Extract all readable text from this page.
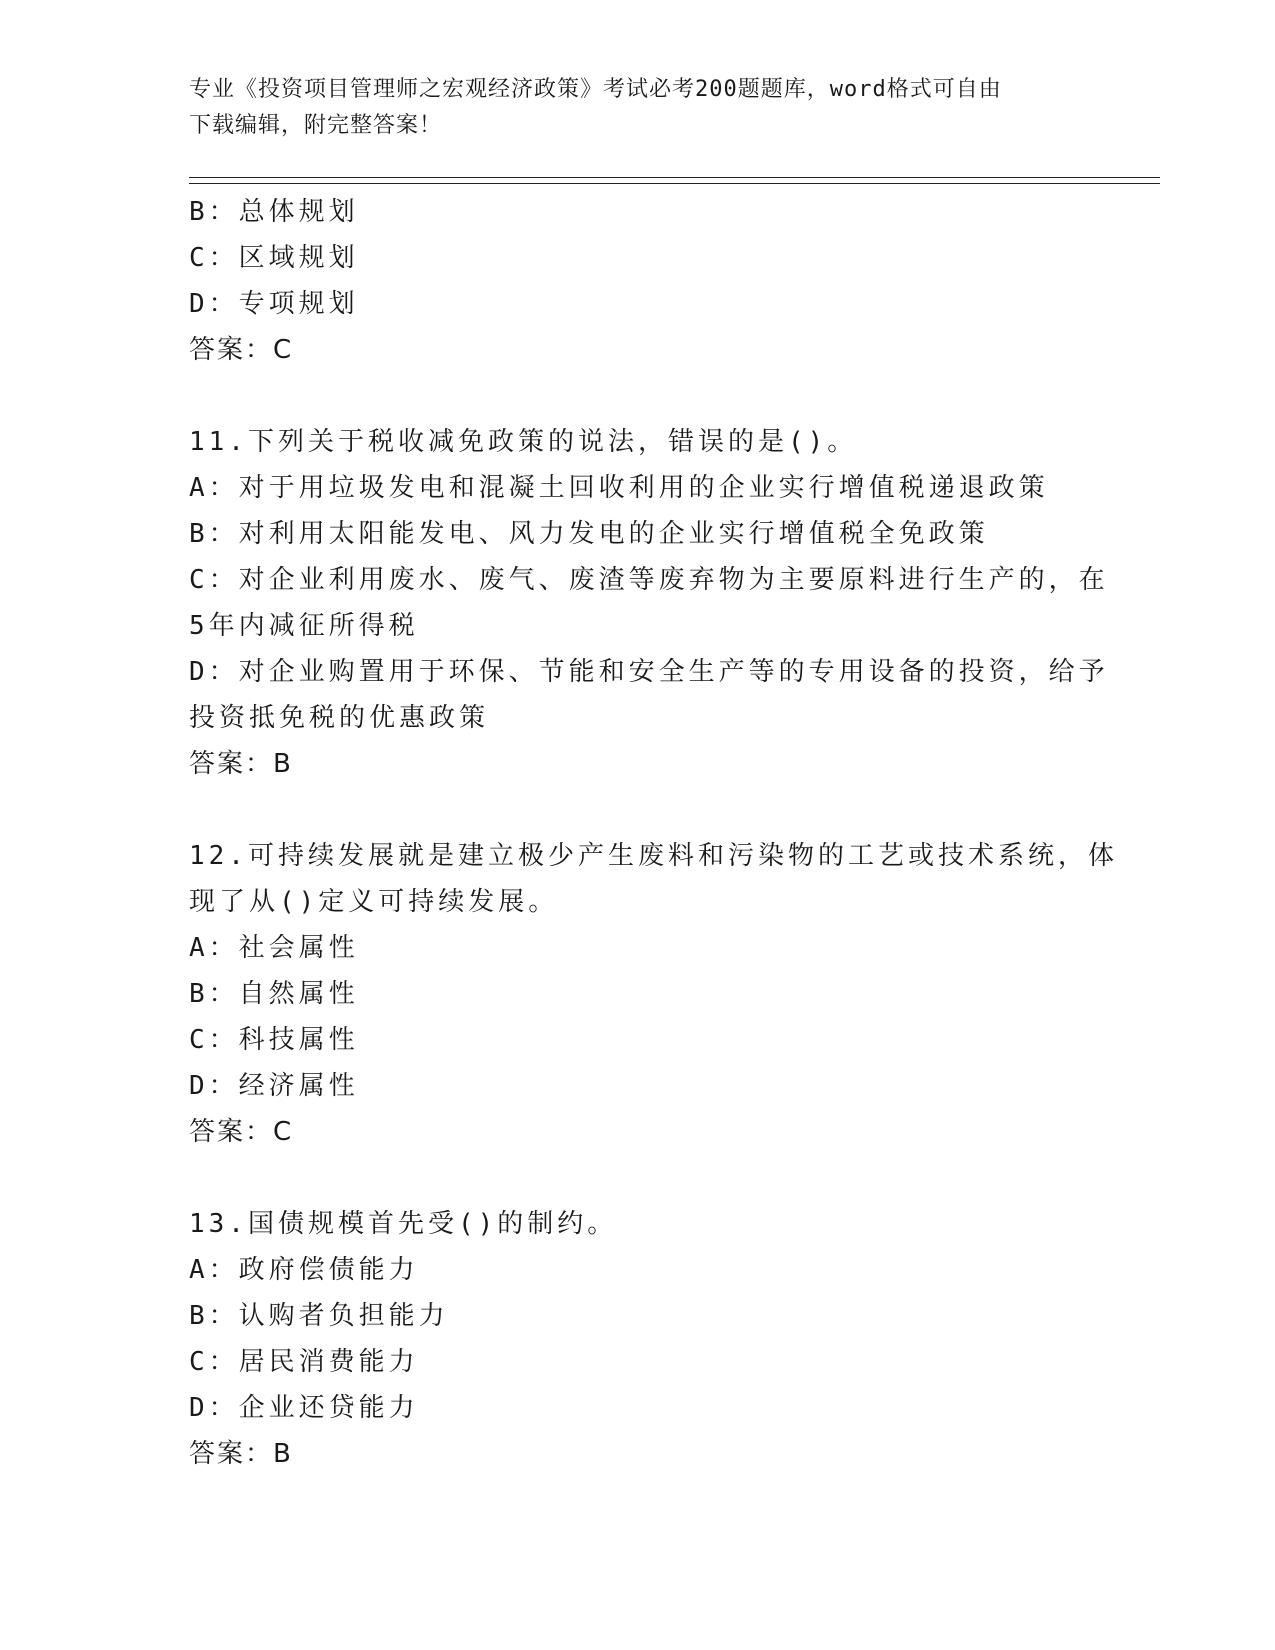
专业《投资项目管理师之宏观经济政策》考试必考200题题库，word格式可自由
下载编辑，附完整答案！
B：总体规划
C：区域规划
D：专项规划
答案：C
11.下列关于税收减免政策的说法，错误的是()。
A：对于用垃圾发电和混凝土回收利用的企业实行增值税递退政策
B：对利用太阳能发电、风力发电的企业实行增值税全免政策
C：对企业利用废水、废气、废渣等废弃物为主要原料进行生产的，在
5年内减征所得税
D：对企业购置用于环保、节能和安全生产等的专用设备的投资，给予
投资抵免税的优惠政策
答案：B
12.可持续发展就是建立极少产生废料和污染物的工艺或技术系统，体
现了从()定义可持续发展。
A：社会属性
B：自然属性
C：科技属性
D：经济属性
答案：C
13.国债规模首先受()的制约。
A：政府偿债能力
B：认购者负担能力
C：居民消费能力
D：企业还贷能力
答案：B
